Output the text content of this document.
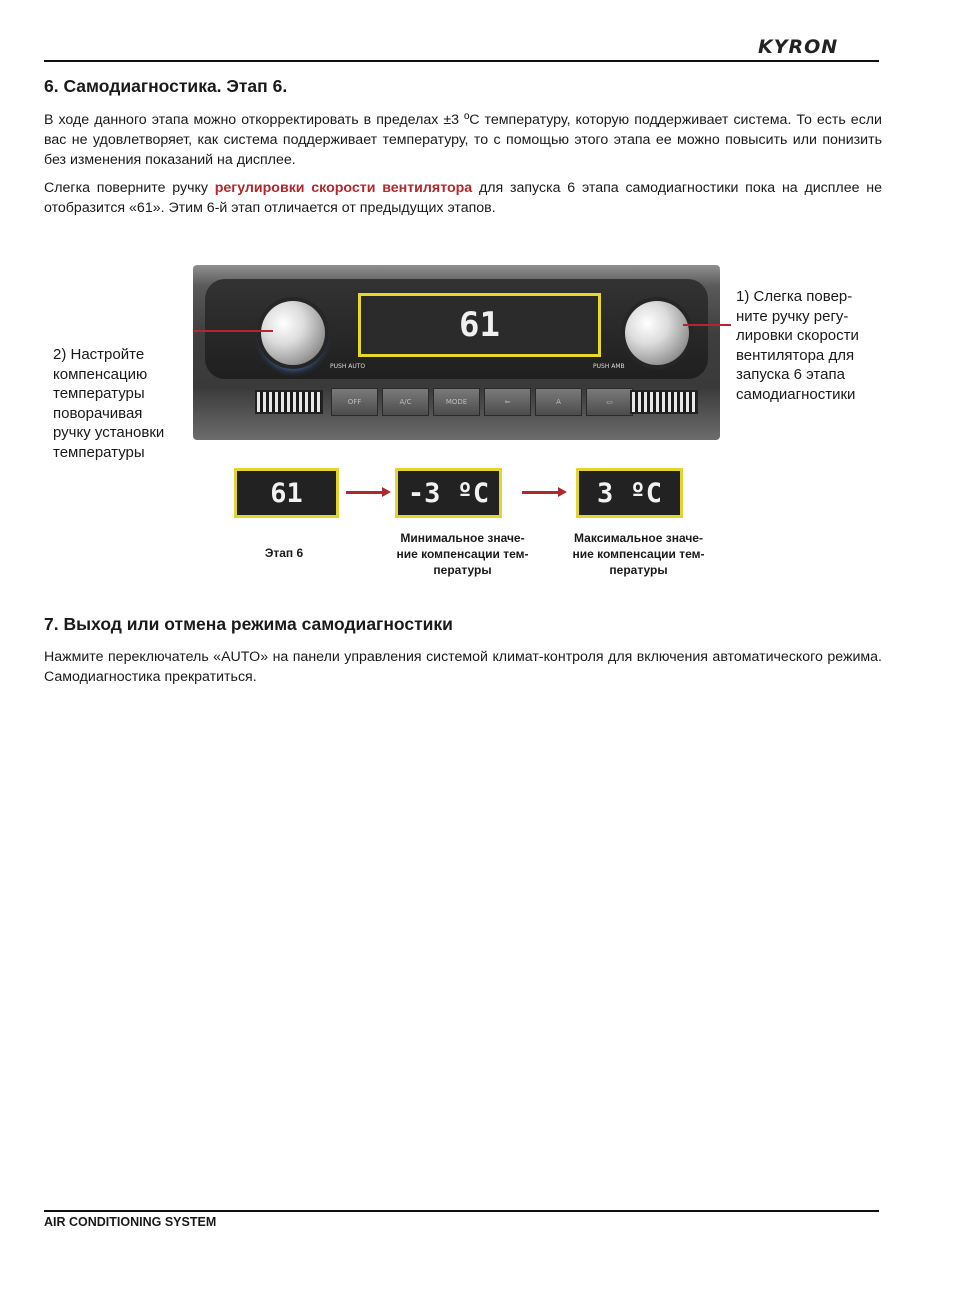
KYRON
6. Самодиагностика. Этап 6.

В ходе данного этапа можно откорректировать в пределах ±3 ºС температуру, которую поддерживает система. То есть если вас не удовлетворяет, как система поддерживает температуру, то с помощью этого этапа ее можно повысить или понизить без изменения показаний на дисплее.

Слегка поверните ручку регулировки скорости вентилятора для запуска 6 этапа самодиагностики пока на дисплее не отобразится «61». Этим 6-й этап отличается от предыдущих этапов.

61
PUSH AUTO	PUSH AMB
OFF	A/C	MODE	⇐	A	▭

1) Слегка повер-
ните ручку регу-
лировки скорости
вентилятора для
запуска 6 этапа
самодиагностики

2) Настройте
компенсацию
температуры
поворачивая
ручку установки
температуры

61	-3 ºС	3 ºС

Этап 6

Минимальное значе-
ние компенсации тем-
пературы

Максимальное значе-
ние компенсации тем-
пературы

7. Выход или отмена режима самодиагностики

Нажмите переключатель «AUTO» на панели управления системой климат-контроля для включения автоматического режима. Самодиагностика прекратиться.

AIR CONDITIONING SYSTEM
